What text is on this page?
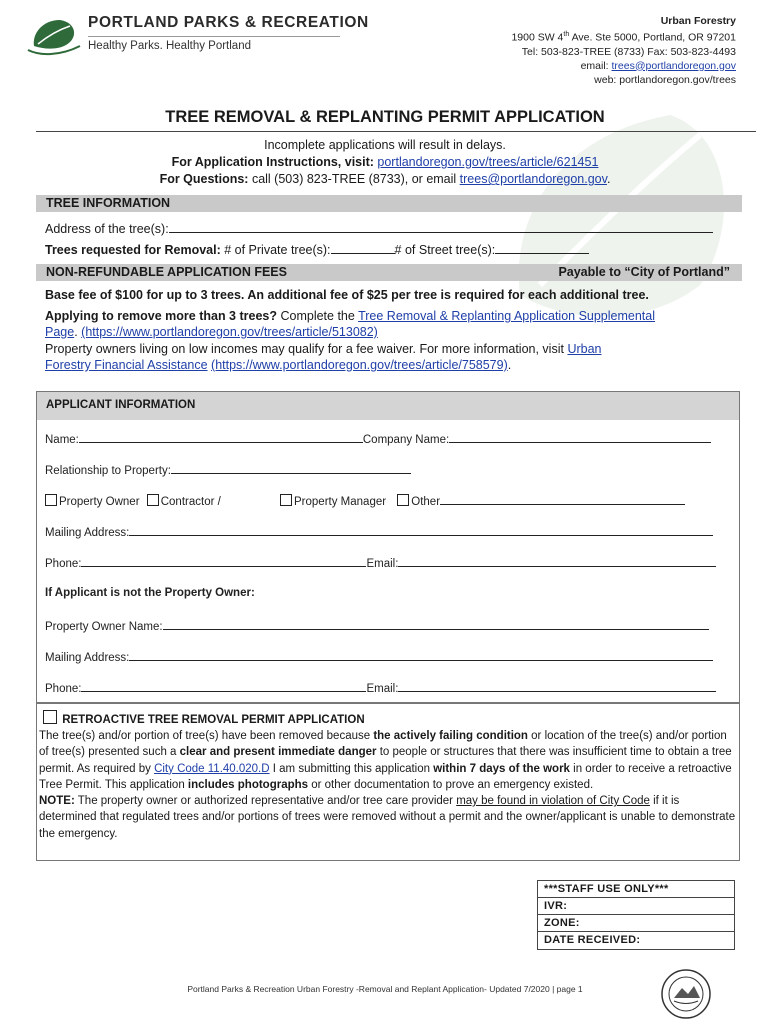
PORTLAND PARKS & RECREATION
Healthy Parks. Healthy Portland
Urban Forestry
1900 SW 4th Ave. Ste 5000, Portland, OR 97201
Tel: 503-823-TREE (8733) Fax: 503-823-4493
email: trees@portlandoregon.gov
web: portlandoregon.gov/trees
TREE REMOVAL & REPLANTING PERMIT APPLICATION
Incomplete applications will result in delays.
For Application Instructions, visit: portlandoregon.gov/trees/article/621451
For Questions: call (503) 823-TREE (8733), or email trees@portlandoregon.gov.
TREE INFORMATION
Address of the tree(s):
Trees requested for Removal: # of Private tree(s):	# of Street tree(s):
NON-REFUNDABLE APPLICATION FEES	Payable to “City of Portland”
Base fee of $100 for up to 3 trees. An additional fee of $25 per tree is required for each additional tree.
Applying to remove more than 3 trees? Complete the Tree Removal & Replanting Application Supplemental
Page. (https://www.portlandoregon.gov/trees/article/513082)
Property owners living on low incomes may qualify for a fee waiver. For more information, visit Urban
Forestry Financial Assistance (https://www.portlandoregon.gov/trees/article/758579).
APPLICANT INFORMATION
Name:	Company Name:
Relationship to Property:
Property Owner Contractor /	Property Manager Other
Mailing Address:
Phone:	Email:
If Applicant is not the Property Owner:
Property Owner Name:
Mailing Address:
Phone:	Email:
RETROACTIVE TREE REMOVAL PERMIT APPLICATION
The tree(s) and/or portion of tree(s) have been removed because the actively failing condition or location of the tree(s) and/or portion of tree(s) presented such a clear and present immediate danger to people or structures that there was insufficient time to obtain a tree permit. As required by City Code 11.40.020.D I am submitting this application within 7 days of the work in order to receive a retroactive Tree Permit. This application includes photographs or other documentation to prove an emergency existed.
NOTE: The property owner or authorized representative and/or tree care provider may be found in violation of City Code if it is determined that regulated trees and/or portions of trees were removed without a permit and the owner/applicant is unable to demonstrate the emergency.
***STAFF USE ONLY***
IVR:
ZONE:
DATE RECEIVED:
Portland Parks & Recreation Urban Forestry -Removal and Replant Application- Updated 7/2020 | page 1
